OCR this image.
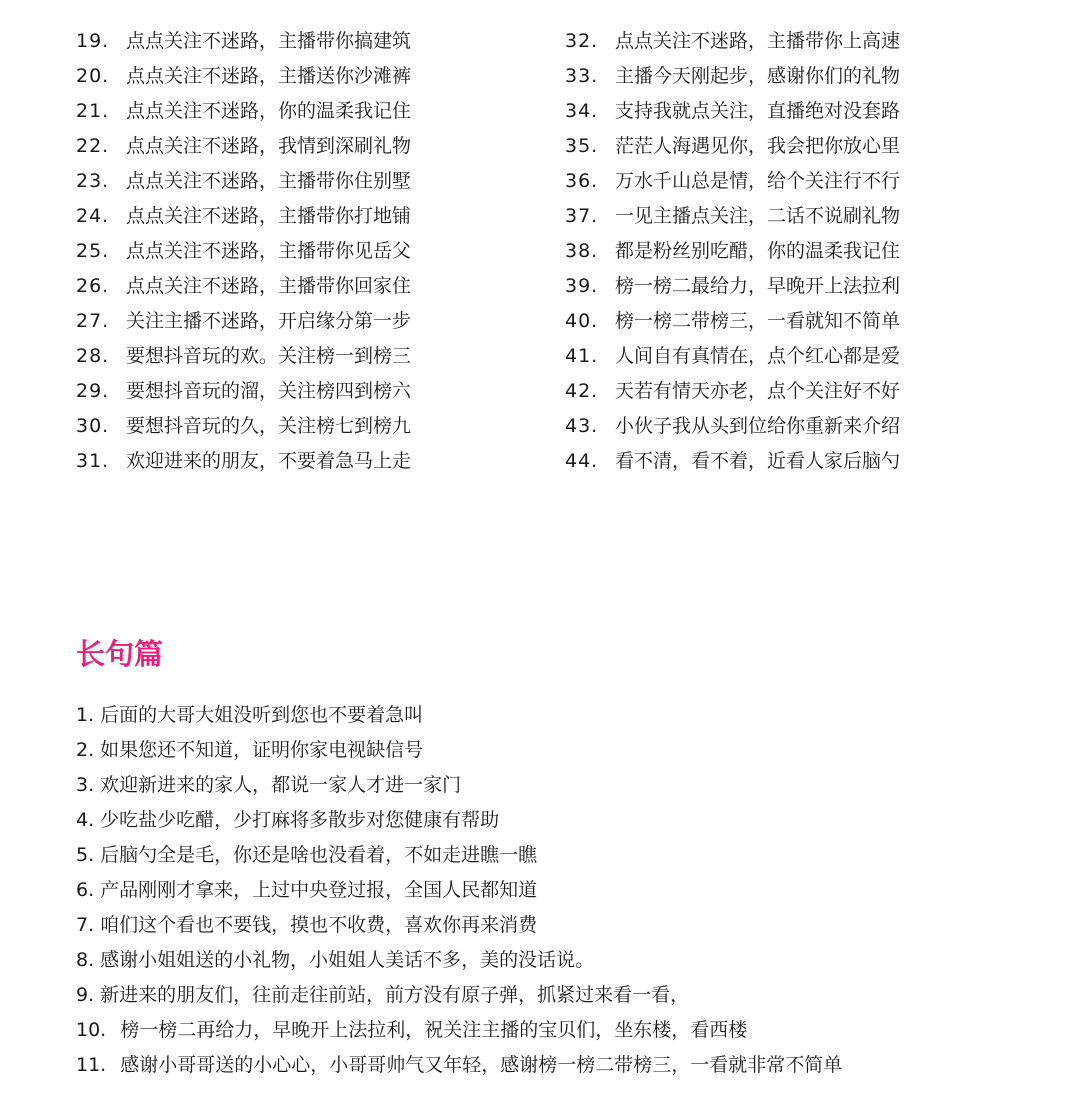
19. 点点关注不迷路，主播带你搞建筑
20. 点点关注不迷路，主播送你沙滩裤
21. 点点关注不迷路，你的温柔我记住
22. 点点关注不迷路，我情到深刷礼物
23. 点点关注不迷路，主播带你住别墅
24. 点点关注不迷路，主播带你打地铺
25. 点点关注不迷路，主播带你见岳父
26. 点点关注不迷路，主播带你回家住
27. 关注主播不迷路，开启缘分第一步
28. 要想抖音玩的欢。关注榜一到榜三
29. 要想抖音玩的溜，关注榜四到榜六
30. 要想抖音玩的久，关注榜七到榜九
31. 欢迎进来的朋友，不要着急马上走
32. 点点关注不迷路，主播带你上高速
33. 主播今天刚起步，感谢你们的礼物
34. 支持我就点关注，直播绝对没套路
35. 茫茫人海遇见你，我会把你放心里
36. 万水千山总是情，给个关注行不行
37. 一见主播点关注，二话不说刷礼物
38. 都是粉丝别吃醋，你的温柔我记住
39. 榜一榜二最给力，早晚开上法拉利
40. 榜一榜二带榜三，一看就知不简单
41. 人间自有真情在，点个红心都是爱
42. 天若有情天亦老，点个关注好不好
43. 小伙子我从头到位给你重新来介绍
44. 看不清，看不着，近看人家后脑勺
长句篇
1. 后面的大哥大姐没听到您也不要着急叫
2. 如果您还不知道，证明你家电视缺信号
3. 欢迎新进来的家人，都说一家人才进一家门
4. 少吃盐少吃醋，少打麻将多散步对您健康有帮助
5. 后脑勺全是毛，你还是啥也没看着，不如走进瞧一瞧
6. 产品刚刚才拿来，上过中央登过报，全国人民都知道
7. 咱们这个看也不要钱，摸也不收费，喜欢你再来消费
8. 感谢小姐姐送的小礼物，小姐姐人美话不多，美的没话说。
9. 新进来的朋友们，往前走往前站，前方没有原子弹，抓紧过来看一看，
10. 榜一榜二再给力，早晚开上法拉利，祝关注主播的宝贝们，坐东楼，看西楼
11. 感谢小哥哥送的小心心，小哥哥帅气又年轻，感谢榜一榜二带榜三，一看就非常不简单
